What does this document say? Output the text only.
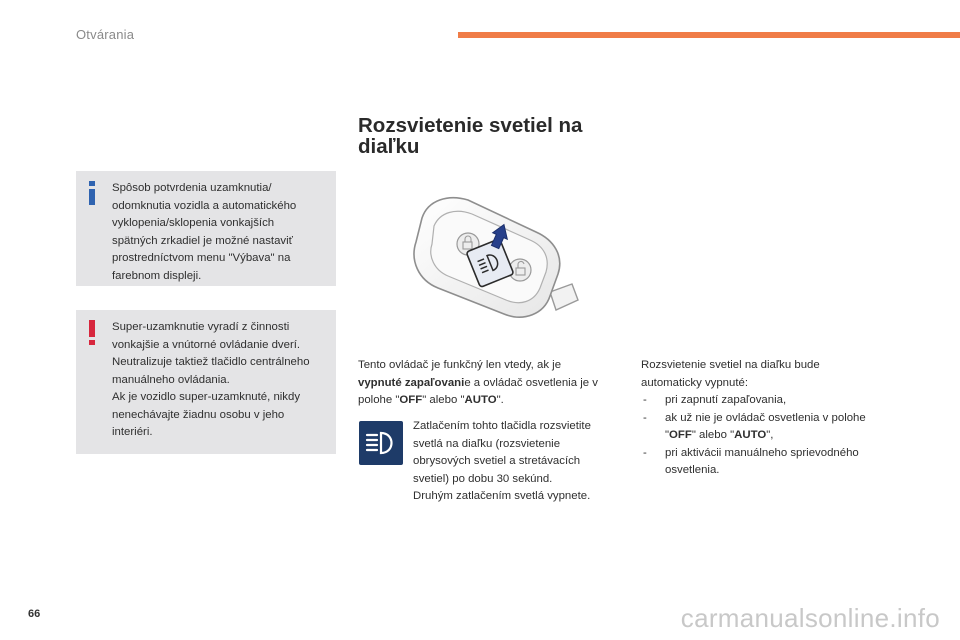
Otvárania

Spôsob potvrdenia uzamknutia/

odomknutia vozidla a automatického

vyklopenia/sklopenia vonkajších

spätných zrkadiel je možné nastaviť

prostredníctvom menu "Výbava" na

farebnom displeji.

Super-uzamknutie vyradí z činnosti

vonkajšie a vnútorné ovládanie dverí.

Neutralizuje taktiež tlačidlo centrálneho

manuálneho ovládania.

Ak je vozidlo super-uzamknuté, nikdy

nenechávajte žiadnu osobu v jeho

interiéri.

Rozsvietenie svetiel na
diaľku
Tento ovládač je funkčný len vtedy, ak je
vypnuté zapaľovanie a ovládač osvetlenia je v
polohe "OFF" alebo "AUTO".
Zatlačením tohto tlačidla rozsvietite
svetlá na diaľku (rozsvietenie
obrysových svetiel a stretávacích
svetiel) po dobu 30 sekúnd.
Druhým zatlačením svetlá vypnete.
Rozsvietenie svetiel na diaľku bude
automaticky vypnuté:
- pri zapnutí zapaľovania,
- ak už nie je ovládač osvetlenia v polohe
"OFF" alebo "AUTO",
- pri aktivácii manuálneho sprievodného
osvetlenia.
66	carmanualsonline.info
